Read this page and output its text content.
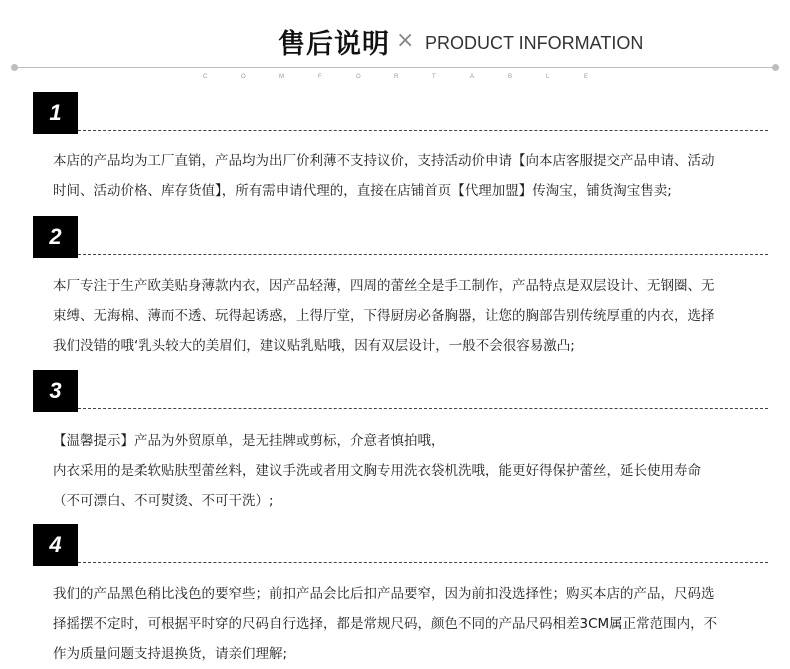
售后说明 × PRODUCT INFORMATION
C	O	M	F	O	R	T	A	B	L	E
1
本店的产品均为工厂直销，产品均为出厂价利薄不支持议价，支持活动价申请【向本店客服提交产品申请、活动
时间、活动价格、库存货值】，所有需申请代理的，直接在店铺首页【代理加盟】传淘宝，铺货淘宝售卖;
2
本厂专注于生产欧美贴身薄款内衣，因产品轻薄，四周的蕾丝全是手工制作，产品特点是双层设计、无钢圈、无
束缚、无海棉、薄而不透、玩得起诱惑，上得厅堂，下得厨房必备胸器，让您的胸部告别传统厚重的内衣，选择
我们没错的哦‘乳头较大的美眉们，建议贴乳贴哦，因有双层设计，一般不会很容易激凸;
3
【温馨提示】产品为外贸原单，是无挂牌或剪标，介意者慎拍哦，
内衣采用的是柔软贴肤型蕾丝料，建议手洗或者用文胸专用洗衣袋机洗哦，能更好得保护蕾丝，延长使用寿命
（不可漂白、不可熨烫、不可干洗）;
4
我们的产品黑色稍比浅色的要窄些；前扣产品会比后扣产品要窄，因为前扣没选择性；购买本店的产品，尺码选
择摇摆不定时，可根据平时穿的尺码自行选择，都是常规尺码，颜色不同的产品尺码相差3CM属正常范围内，不
作为质量问题支持退换货，请亲们理解;
